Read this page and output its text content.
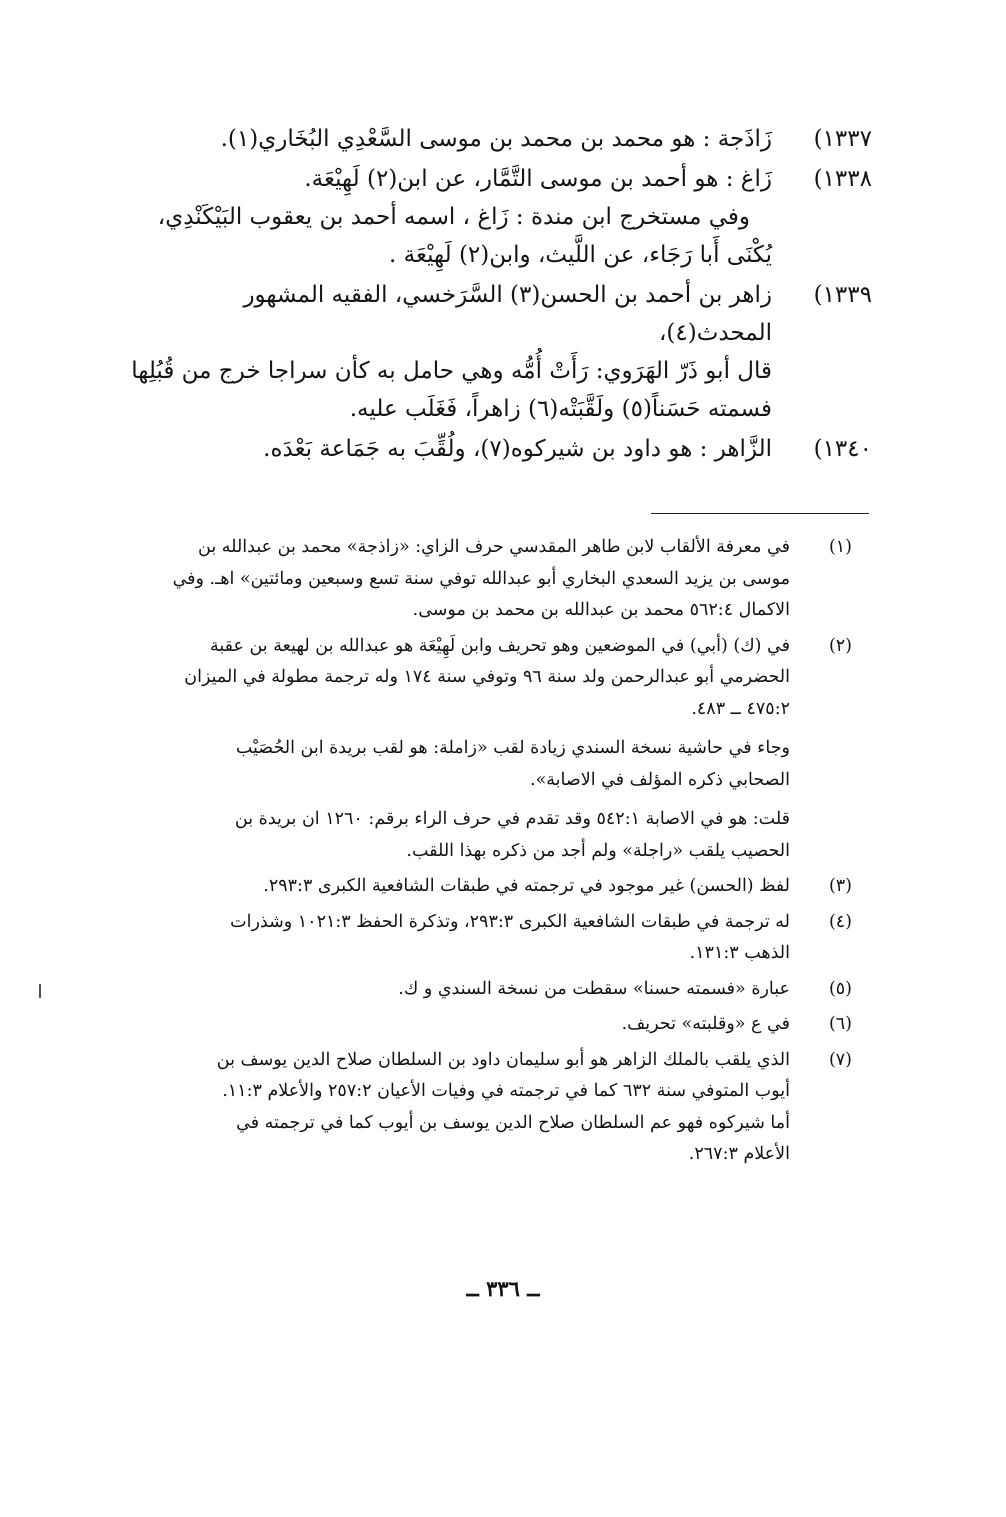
١٣٣٧)
زَاذَجة : هو محمد بن محمد بن موسى السَّعْدِي البُخَاري(١).
١٣٣٨)
زَاغ : هو أحمد بن موسى التَّمَّار، عن ابن(٢) لَهِيْعَة.
وفي مستخرج ابن مندة : زَاغ ، اسمه أحمد بن يعقوب البَيْكَنْدِي،
يُكْنَى أَبا رَجَاء، عن اللَّيث، وابن(٢) لَهِيْعَة .
١٣٣٩)
زاهر بن أحمد بن الحسن(٣) السَّرَخسي، الفقيه المشهور المحدث(٤)،
قال أبو ذَرّ الهَرَوي: رَأَتْ أُمُّه وهي حامل به كأن سراجا خرج من قُبُلِها
فسمته حَسَناً(٥) ولَقَّبَتْه(٦) زاهراً، فَغَلَب عليه.
١٣٤٠)
الزَّاهر : هو داود بن شيركوه(٧)، ولُقِّبَ به جَمَاعة بَعْدَه.
(١)
في معرفة الألقاب لابن طاهر المقدسي حرف الزاي: «زاذجة» محمد بن عبدالله بن
موسى بن يزيد السعدي البخاري أبو عبدالله توفي سنة تسع وسبعين ومائتين» اهـ. وفي
الاكمال ٥٦٢:٤ محمد بن عبدالله بن محمد بن موسى.
(٢)
في (ك) (أبي) في الموضعين وهو تحريف وابن لَهِيْعَة هو عبدالله بن لهيعة بن عقبة
الحضرمي أبو عبدالرحمن ولد سنة ٩٦ وتوفي سنة ١٧٤ وله ترجمة مطولة في الميزان
٤٧٥:٢ ــ ٤٨٣.
وجاء في حاشية نسخة السندي زيادة لقب «زاملة: هو لقب بريدة ابن الحُصَيْب
الصحابي ذكره المؤلف في الاصابة».
قلت: هو في الاصابة ٥٤٢:١ وقد تقدم في حرف الراء برقم: ١٢٦٠ ان بريدة بن
الحصيب يلقب «راجلة» ولم أجد من ذكره بهذا اللقب.
(٣)
لفظ (الحسن) غير موجود في ترجمته في طبقات الشافعية الكبرى ٢٩٣:٣.
(٤)
له ترجمة في طبقات الشافعية الكبرى ٢٩٣:٣، وتذكرة الحفظ ١٠٢١:٣ وشذرات
الذهب ١٣١:٣.
(٥)
عبارة «فسمته حسنا» سقطت من نسخة السندي و ك.
(٦)
في ع «وقلبته» تحريف.
(٧)
الذي يلقب بالملك الزاهر هو أبو سليمان داود بن السلطان صلاح الدين يوسف بن
أيوب المتوفي سنة ٦٣٢ كما في ترجمته في وفيات الأعيان ٢٥٧:٢ والأعلام ١١:٣.
أما شيركوه فهو عم السلطان صلاح الدين يوسف بن أيوب كما في ترجمته في
الأعلام ٢٦٧:٣.
ــ ٣٣٦ ــ
